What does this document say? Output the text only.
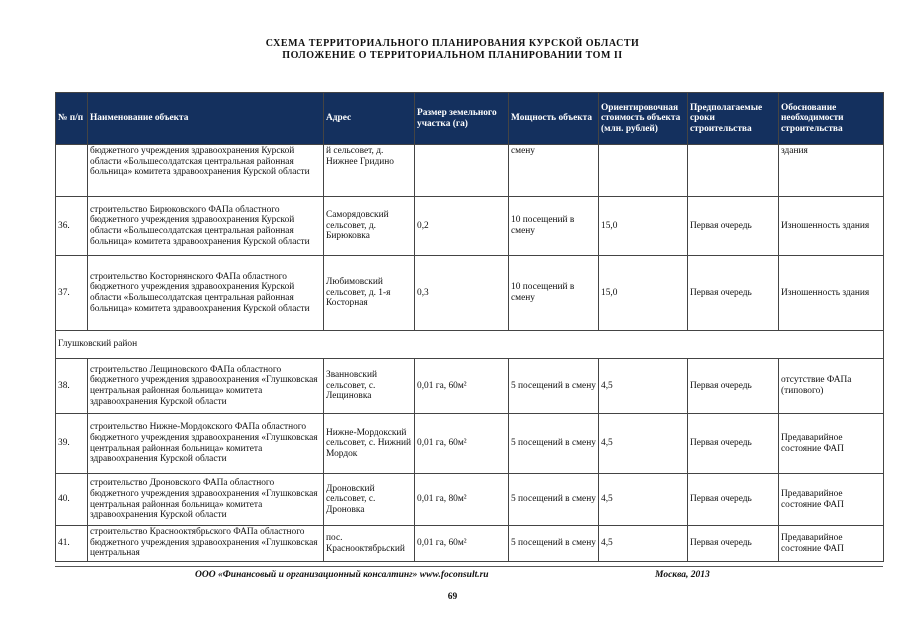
СХЕМА ТЕРРИТОРИАЛЬНОГО ПЛАНИРОВАНИЯ КУРСКОЙ ОБЛАСТИ
ПОЛОЖЕНИЕ О ТЕРРИТОРИАЛЬНОМ ПЛАНИРОВАНИИ ТОМ II
№ п/п	Наименование объекта	Адрес	Размер земельного участка (га)	Мощность объекта	Ориентировочная стоимость объекта (млн. рублей)	Предполагаемые сроки строительства	Обоснование необходимости строительства
	бюджетного учреждения здравоохранения Курской области «Большесолдатская центральная районная больница» комитета здравоохранения Курской области	й сельсовет, д. Нижнее Гридино		смену			здания
36.	строительство Бирюковского ФАПа областного бюджетного учреждения здравоохранения Курской области «Большесолдатская центральная районная больница» комитета здравоохранения Курской области	Саморядовский сельсовет, д. Бирюковка	0,2	10 посещений в смену	15,0	Первая очередь	Изношенность здания
37.	строительство Косторнянского ФАПа областного бюджетного учреждения здравоохранения Курской области «Большесолдатская центральная районная больница» комитета здравоохранения Курской области	Любимовский сельсовет, д. 1-я Косторная	0,3	10 посещений в смену	15,0	Первая очередь	Изношенность здания
Глушковский район							
38.	строительство Лещиновского ФАПа областного бюджетного учреждения здравоохранения «Глушковская центральная районная больница» комитета здравоохранения Курской области	Званновский сельсовет, с. Лещиновка	0,01 га, 60м²	5 посещений в смену	4,5	Первая очередь	отсутствие ФАПа (типового)
39.	строительство Нижне-Мордокского ФАПа областного бюджетного учреждения здравоохранения «Глушковская центральная районная больница» комитета здравоохранения Курской области	Нижне-Мордокский сельсовет, с. Нижний Мордок	0,01 га, 60м²	5 посещений в смену	4,5	Первая очередь	Предаварийное состояние ФАП
40.	строительство Дроновского ФАПа областного бюджетного учреждения здравоохранения «Глушковская центральная районная больница» комитета здравоохранения Курской области	Дроновский сельсовет, с. Дроновка	0,01 га, 80м²	5 посещений в смену	4,5	Первая очередь	Предаварийное состояние ФАП
41.	строительство Краснооктябрьского ФАПа областного бюджетного учреждения здравоохранения «Глушковская центральная	пос. Краснооктябрьский	0,01 га, 60м²	5 посещений в смену	4,5	Первая очередь	Предаварийное состояние ФАП
ООО «Финансовый и организационный консалтинг» www.foconsult.ru	Москва, 2013
69
